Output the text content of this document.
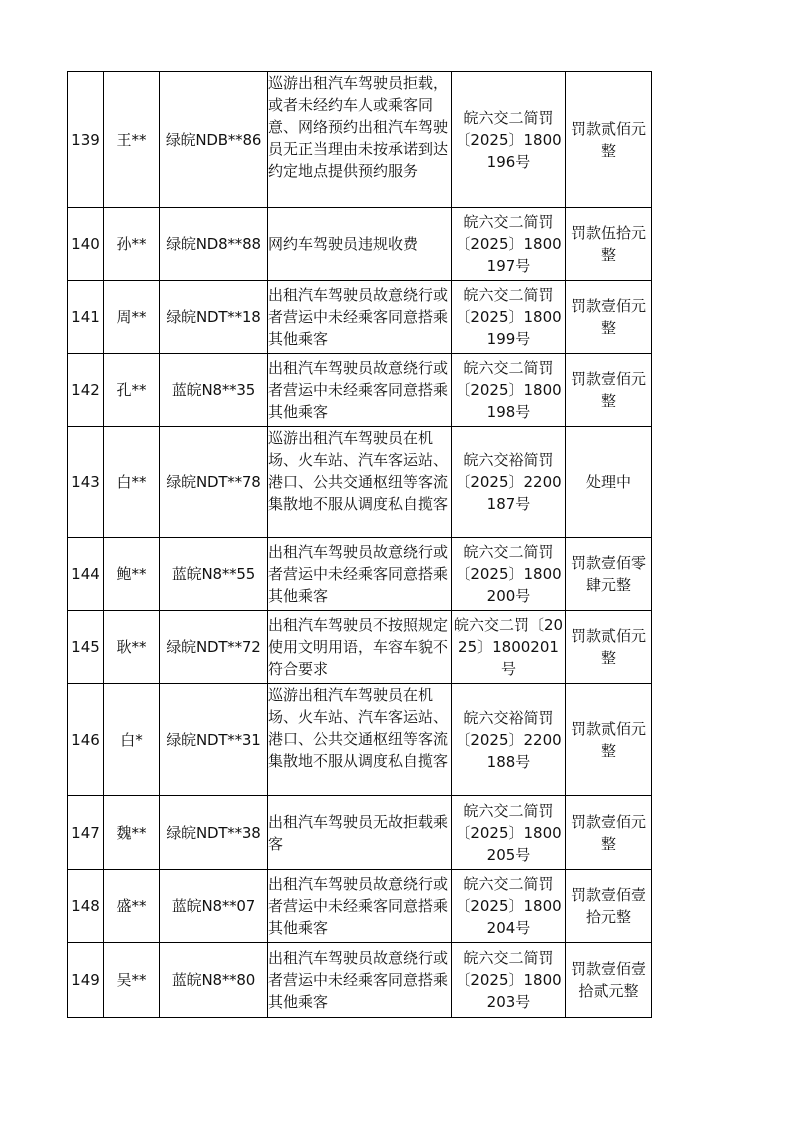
139	王**	绿皖NDB**86	巡游出租汽车驾驶员拒载，或者未经约车人或乘客同意、网络预约出租汽车驾驶员无正当理由未按承诺到达约定地点提供预约服务	皖六交二简罚〔2025〕1800196号	罚款贰佰元整
140	孙**	绿皖ND8**88	网约车驾驶员违规收费	皖六交二简罚〔2025〕1800197号	罚款伍拾元整
141	周**	绿皖NDT**18	出租汽车驾驶员故意绕行或者营运中未经乘客同意搭乘其他乘客	皖六交二简罚〔2025〕1800199号	罚款壹佰元整
142	孔**	蓝皖N8**35	出租汽车驾驶员故意绕行或者营运中未经乘客同意搭乘其他乘客	皖六交二简罚〔2025〕1800198号	罚款壹佰元整
143	白**	绿皖NDT**78	巡游出租汽车驾驶员在机场、火车站、汽车客运站、港口、公共交通枢纽等客流集散地不服从调度私自揽客	皖六交裕简罚〔2025〕2200187号	处理中
144	鲍**	蓝皖N8**55	出租汽车驾驶员故意绕行或者营运中未经乘客同意搭乘其他乘客	皖六交二简罚〔2025〕1800200号	罚款壹佰零肆元整
145	耿**	绿皖NDT**72	出租汽车驾驶员不按照规定使用文明用语，车容车貌不符合要求	皖六交二罚〔2025〕1800201号	罚款贰佰元整
146	白*	绿皖NDT**31	巡游出租汽车驾驶员在机场、火车站、汽车客运站、港口、公共交通枢纽等客流集散地不服从调度私自揽客	皖六交裕简罚〔2025〕2200188号	罚款贰佰元整
147	魏**	绿皖NDT**38	出租汽车驾驶员无故拒载乘客	皖六交二简罚〔2025〕1800205号	罚款壹佰元整
148	盛**	蓝皖N8**07	出租汽车驾驶员故意绕行或者营运中未经乘客同意搭乘其他乘客	皖六交二简罚〔2025〕1800204号	罚款壹佰壹拾元整
149	吴**	蓝皖N8**80	出租汽车驾驶员故意绕行或者营运中未经乘客同意搭乘其他乘客	皖六交二简罚〔2025〕1800203号	罚款壹佰壹拾贰元整
